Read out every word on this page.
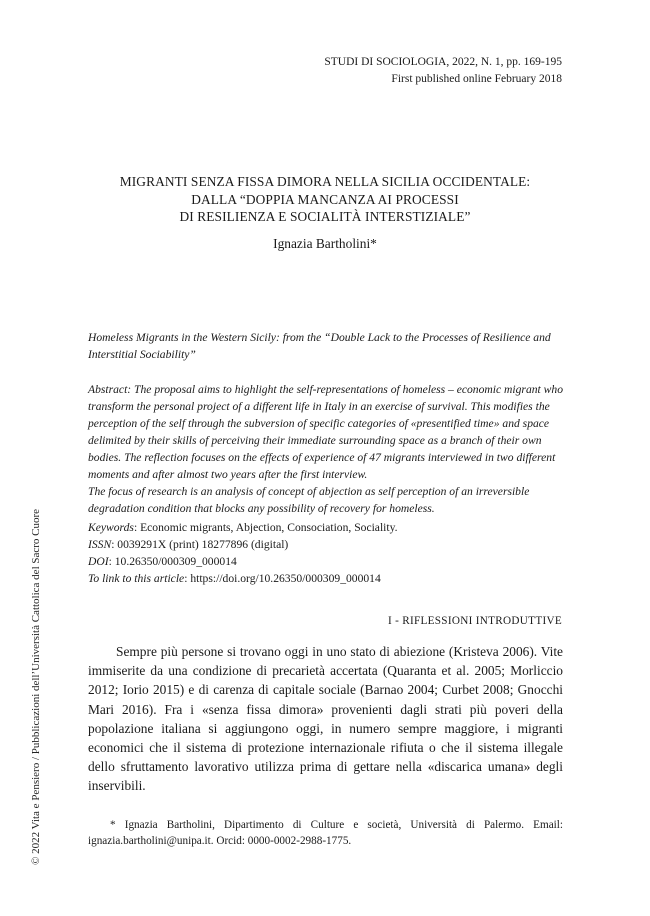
STUDI DI SOCIOLOGIA, 2022, N. 1, pp. 169-195
First published online February 2018
MIGRANTI SENZA FISSA DIMORA NELLA SICILIA OCCIDENTALE:
DALLA “DOPPIA MANCANZA AI PROCESSI
DI RESILIENZA E SOCIALITÀ INTERSTIZIALE”
Ignazia Bartholini*
Homeless Migrants in the Western Sicily: from the “Double Lack to the Processes of Resilience and Interstitial Sociability”

Abstract: The proposal aims to highlight the self-representations of homeless – economic migrant who transform the personal project of a different life in Italy in an exercise of survival. This modifies the perception of the self through the subversion of specific categories of «presentified time» and space delimited by their skills of perceiving their immediate surrounding space as a branch of their own bodies. The reflection focuses on the effects of experience of 47 migrants interviewed in two different moments and after almost two years after the first interview.

The focus of research is an analysis of concept of abjection as self perception of an irreversible degradation condition that blocks any possibility of recovery for homeless.

Keywords: Economic migrants, Abjection, Consociation, Sociality.
ISSN: 0039291X (print) 18277896 (digital)
DOI: 10.26350/000309_000014
To link to this article: https://doi.org/10.26350/000309_000014
I - RIFLESSIONI INTRODUTTIVE

Sempre più persone si trovano oggi in uno stato di abiezione (Kristeva 2006). Vite immiserite da una condizione di precarietà accertata (Quaranta et al. 2005; Morliccio 2012; Iorio 2015) e di carenza di capitale sociale (Barnao 2004; Curbet 2008; Gnocchi Mari 2016). Fra i «senza fissa dimora» provenienti dagli strati più poveri della popolazione italiana si aggiungono oggi, in numero sempre maggiore, i migranti economici che il sistema di protezione internazionale rifiuta o che il sistema illegale dello sfruttamento lavorativo utilizza prima di gettare nella «discarica umana» degli inservibili.

* Ignazia Bartholini, Dipartimento di Culture e società, Università di Palermo. Email: ignazia.bartholini@unipa.it. Orcid: 0000-0002-2988-1775.

© 2022 Vita e Pensiero / Pubblicazioni dell’Università Cattolica del Sacro Cuore
